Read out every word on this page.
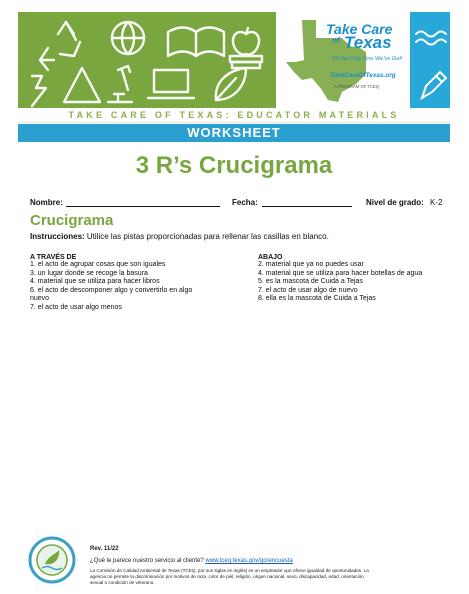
Take Care
of Texas
It's the Only One We've Got!
TakeCareOfTexas.org
A PROGRAM OF TCEQ
TAKE CARE OF TEXAS: EDUCATOR MATERIALS
WORKSHEET
3 R’s Crucigrama
Nombre:	Fecha:	Nivel de grado: K-2
Crucigrama
Instrucciones: Utilice las pistas proporcionadas para rellenar las casillas en blanco.
A TRAVÉS DE
1. el acto de agrupar cosas que son iguales
3. un lugar donde se recoge la basura
4. material que se utiliza para hacer libros
6. el acto de descomponer algo y convertirlo en algo
nuevo
7. el acto de usar algo menos
ABAJO
2. material que ya no puedes usar
4. material que se utiliza para hacer botellas de agua
5. es la mascota de Cuida a Tejas
7. el acto de usar algo de nuevo
8. ella es la mascota de Cuida a Tejas
Rev. 11/22
¿Qué le parece nuestro servicio al cliente? www.tceq.texas.gov/go/encuesta
La Comisión de Calidad Ambiental de Texas (TCEQ, por sus siglas en inglés) es un empleador que ofrece igualdad de oportunidades. La
agencia no permite la discriminación por motivos de raza, color de piel, religión, origen nacional, sexo, discapacidad, edad, orientación
sexual o condición de veterano.
